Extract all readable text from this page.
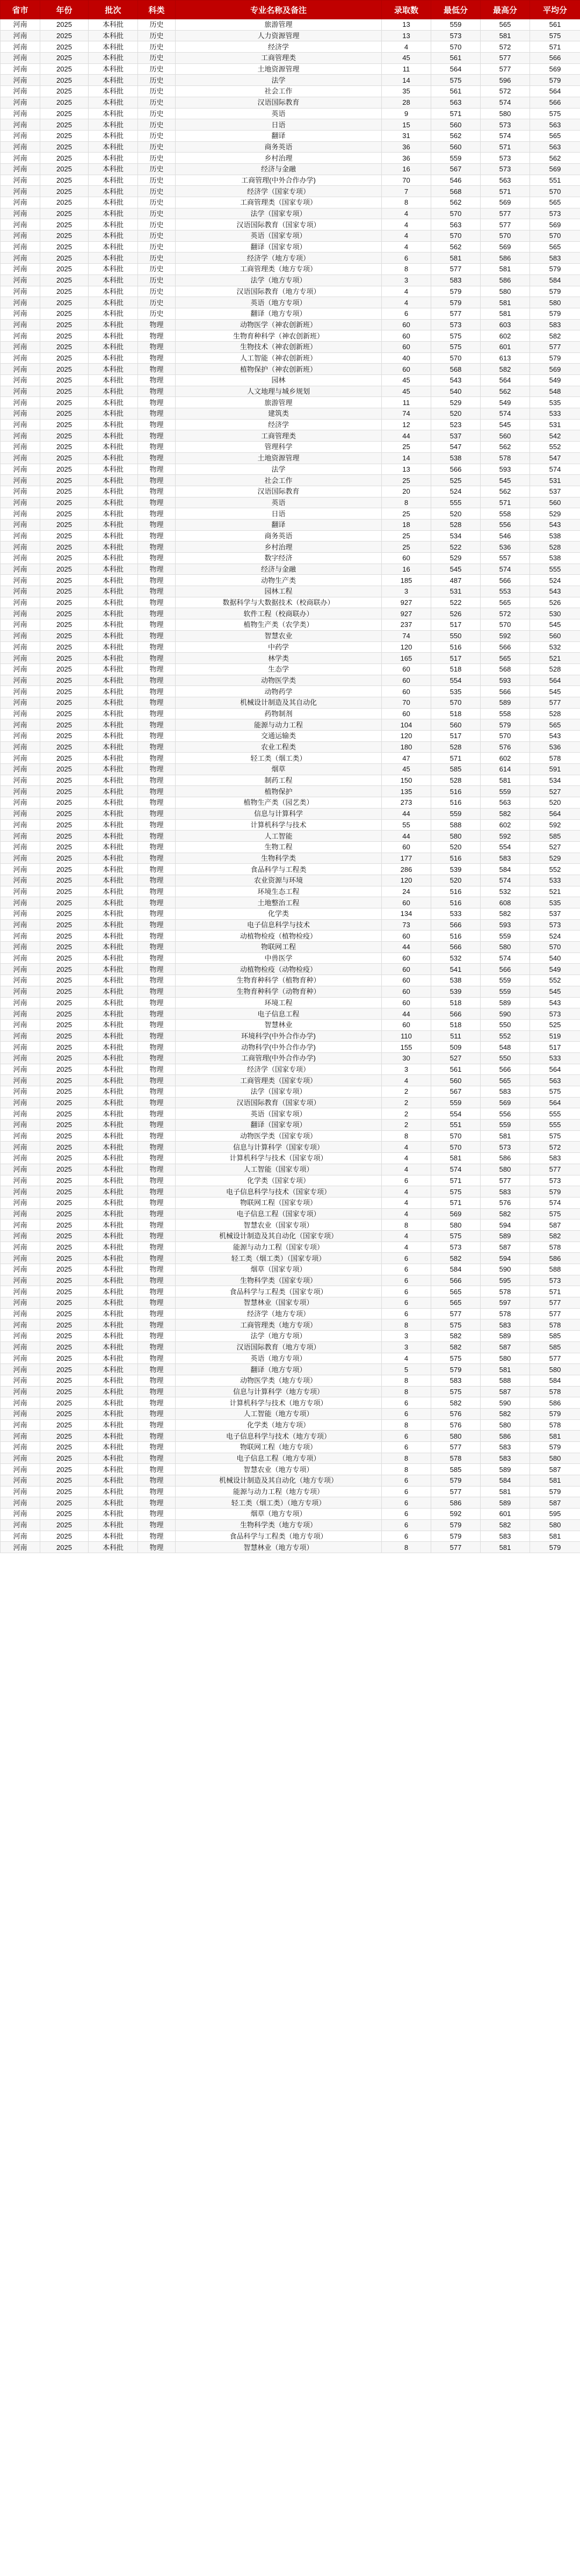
省市	年份	批次	科类	专业名称及备注	录取数	最低分	最高分	平均分
河南	2025	本科批	历史	旅游管理	13	559	565	561
河南	2025	本科批	历史	人力资源管理	13	573	581	575
河南	2025	本科批	历史	经济学	4	570	572	571
河南	2025	本科批	历史	工商管理类	45	561	577	566
河南	2025	本科批	历史	土地资源管理	11	564	577	569
河南	2025	本科批	历史	法学	14	575	596	579
河南	2025	本科批	历史	社会工作	35	561	572	564
河南	2025	本科批	历史	汉语国际教育	28	563	574	566
河南	2025	本科批	历史	英语	9	571	580	575
河南	2025	本科批	历史	日语	15	560	573	563
河南	2025	本科批	历史	翻译	31	562	574	565
河南	2025	本科批	历史	商务英语	36	560	571	563
河南	2025	本科批	历史	乡村治理	36	559	573	562
河南	2025	本科批	历史	经济与金融	16	567	573	569
河南	2025	本科批	历史	工商管理(中外合作办学)	70	546	563	551
河南	2025	本科批	历史	经济学（国家专项）	7	568	571	570
河南	2025	本科批	历史	工商管理类（国家专项）	8	562	569	565
河南	2025	本科批	历史	法学（国家专项）	4	570	577	573
河南	2025	本科批	历史	汉语国际教育（国家专项）	4	563	577	569
河南	2025	本科批	历史	英语（国家专项）	4	570	570	570
河南	2025	本科批	历史	翻译（国家专项）	4	562	569	565
河南	2025	本科批	历史	经济学（地方专项）	6	581	586	583
河南	2025	本科批	历史	工商管理类（地方专项）	8	577	581	579
河南	2025	本科批	历史	法学（地方专项）	3	583	586	584
河南	2025	本科批	历史	汉语国际教育（地方专项）	4	579	580	579
河南	2025	本科批	历史	英语（地方专项）	4	579	581	580
河南	2025	本科批	历史	翻译（地方专项）	6	577	581	579
河南	2025	本科批	物理	动物医学（神农创新班）	60	573	603	583
河南	2025	本科批	物理	生物育种科学（神农创新班）	60	575	602	582
河南	2025	本科批	物理	生物技术（神农创新班）	60	575	601	577
河南	2025	本科批	物理	人工智能（神农创新班）	40	570	613	579
河南	2025	本科批	物理	植物保护（神农创新班）	60	568	582	569
河南	2025	本科批	物理	园林	45	543	564	549
河南	2025	本科批	物理	人文地理与城乡规划	45	540	562	548
河南	2025	本科批	物理	旅游管理	11	529	549	535
河南	2025	本科批	物理	建筑类	74	520	574	533
河南	2025	本科批	物理	经济学	12	523	545	531
河南	2025	本科批	物理	工商管理类	44	537	560	542
河南	2025	本科批	物理	管理科学	25	547	562	552
河南	2025	本科批	物理	土地资源管理	14	538	578	547
河南	2025	本科批	物理	法学	13	566	593	574
河南	2025	本科批	物理	社会工作	25	525	545	531
河南	2025	本科批	物理	汉语国际教育	20	524	562	537
河南	2025	本科批	物理	英语	8	555	571	560
河南	2025	本科批	物理	日语	25	520	558	529
河南	2025	本科批	物理	翻译	18	528	556	543
河南	2025	本科批	物理	商务英语	25	534	546	538
河南	2025	本科批	物理	乡村治理	25	522	536	528
河南	2025	本科批	物理	数字经济	60	529	557	538
河南	2025	本科批	物理	经济与金融	16	545	574	555
河南	2025	本科批	物理	动物生产类	185	487	566	524
河南	2025	本科批	物理	园林工程	3	531	553	543
河南	2025	本科批	物理	数据科学与大数据技术（校商联办）	927	522	565	526
河南	2025	本科批	物理	软件工程（校商联办）	927	526	572	530
河南	2025	本科批	物理	植物生产类（农学类）	237	517	570	545
河南	2025	本科批	物理	智慧农业	74	550	592	560
河南	2025	本科批	物理	中药学	120	516	566	532
河南	2025	本科批	物理	林学类	165	517	565	521
河南	2025	本科批	物理	生态学	60	518	568	528
河南	2025	本科批	物理	动物医学类	60	554	593	564
河南	2025	本科批	物理	动物药学	60	535	566	545
河南	2025	本科批	物理	机械设计制造及其自动化	70	570	589	577
河南	2025	本科批	物理	药物制剂	60	518	558	528
河南	2025	本科批	物理	能源与动力工程	104	560	579	565
河南	2025	本科批	物理	交通运输类	120	517	570	543
河南	2025	本科批	物理	农业工程类	180	528	576	536
河南	2025	本科批	物理	轻工类（烟工类）	47	571	602	578
河南	2025	本科批	物理	烟草	45	585	614	591
河南	2025	本科批	物理	制药工程	150	528	581	534
河南	2025	本科批	物理	植物保护	135	516	559	527
河南	2025	本科批	物理	植物生产类（园艺类）	273	516	563	520
河南	2025	本科批	物理	信息与计算科学	44	559	582	564
河南	2025	本科批	物理	计算机科学与技术	55	588	602	592
河南	2025	本科批	物理	人工智能	44	580	592	585
河南	2025	本科批	物理	生物工程	60	520	554	527
河南	2025	本科批	物理	生物科学类	177	516	583	529
河南	2025	本科批	物理	食品科学与工程类	286	539	584	552
河南	2025	本科批	物理	农业资源与环境	120	520	574	533
河南	2025	本科批	物理	环境生态工程	24	516	532	521
河南	2025	本科批	物理	土地整治工程	60	516	608	535
河南	2025	本科批	物理	化学类	134	533	582	537
河南	2025	本科批	物理	电子信息科学与技术	73	566	593	573
河南	2025	本科批	物理	动植物检疫（植物检疫）	60	516	559	524
河南	2025	本科批	物理	物联网工程	44	566	580	570
河南	2025	本科批	物理	中兽医学	60	532	574	540
河南	2025	本科批	物理	动植物检疫（动物检疫）	60	541	566	549
河南	2025	本科批	物理	生物育种科学（植物育种）	60	538	559	552
河南	2025	本科批	物理	生物育种科学（动物育种）	60	539	559	545
河南	2025	本科批	物理	环境工程	60	518	589	543
河南	2025	本科批	物理	电子信息工程	44	566	590	573
河南	2025	本科批	物理	智慧林业	60	518	550	525
河南	2025	本科批	物理	环境科学(中外合作办学)	110	511	552	519
河南	2025	本科批	物理	动物科学(中外合作办学)	155	509	548	517
河南	2025	本科批	物理	工商管理(中外合作办学)	30	527	550	533
河南	2025	本科批	物理	经济学（国家专项）	3	561	566	564
河南	2025	本科批	物理	工商管理类（国家专项）	4	560	565	563
河南	2025	本科批	物理	法学（国家专项）	2	567	583	575
河南	2025	本科批	物理	汉语国际教育（国家专项）	2	559	569	564
河南	2025	本科批	物理	英语（国家专项）	2	554	556	555
河南	2025	本科批	物理	翻译（国家专项）	2	551	559	555
河南	2025	本科批	物理	动物医学类（国家专项）	8	570	581	575
河南	2025	本科批	物理	信息与计算科学（国家专项）	4	570	573	572
河南	2025	本科批	物理	计算机科学与技术（国家专项）	4	581	586	583
河南	2025	本科批	物理	人工智能（国家专项）	4	574	580	577
河南	2025	本科批	物理	化学类（国家专项）	6	571	577	573
河南	2025	本科批	物理	电子信息科学与技术（国家专项）	4	575	583	579
河南	2025	本科批	物理	物联网工程（国家专项）	4	571	576	574
河南	2025	本科批	物理	电子信息工程（国家专项）	4	569	582	575
河南	2025	本科批	物理	智慧农业（国家专项）	8	580	594	587
河南	2025	本科批	物理	机械设计制造及其自动化（国家专项）	4	575	589	582
河南	2025	本科批	物理	能源与动力工程（国家专项）	4	573	587	578
河南	2025	本科批	物理	轻工类（烟工类）（国家专项）	6	582	594	586
河南	2025	本科批	物理	烟草（国家专项）	6	584	590	588
河南	2025	本科批	物理	生物科学类（国家专项）	6	566	595	573
河南	2025	本科批	物理	食品科学与工程类（国家专项）	6	565	578	571
河南	2025	本科批	物理	智慧林业（国家专项）	6	565	597	577
河南	2025	本科批	物理	经济学（地方专项）	6	577	578	577
河南	2025	本科批	物理	工商管理类（地方专项）	8	575	583	578
河南	2025	本科批	物理	法学（地方专项）	3	582	589	585
河南	2025	本科批	物理	汉语国际教育（地方专项）	3	582	587	585
河南	2025	本科批	物理	英语（地方专项）	4	575	580	577
河南	2025	本科批	物理	翻译（地方专项）	5	579	581	580
河南	2025	本科批	物理	动物医学类（地方专项）	8	583	588	584
河南	2025	本科批	物理	信息与计算科学（地方专项）	8	575	587	578
河南	2025	本科批	物理	计算机科学与技术（地方专项）	6	582	590	586
河南	2025	本科批	物理	人工智能（地方专项）	6	576	582	579
河南	2025	本科批	物理	化学类（地方专项）	8	576	580	578
河南	2025	本科批	物理	电子信息科学与技术（地方专项）	6	580	586	581
河南	2025	本科批	物理	物联网工程（地方专项）	6	577	583	579
河南	2025	本科批	物理	电子信息工程（地方专项）	8	578	583	580
河南	2025	本科批	物理	智慧农业（地方专项）	8	585	589	587
河南	2025	本科批	物理	机械设计制造及其自动化（地方专项）	6	579	584	581
河南	2025	本科批	物理	能源与动力工程（地方专项）	6	577	581	579
河南	2025	本科批	物理	轻工类（烟工类）（地方专项）	6	586	589	587
河南	2025	本科批	物理	烟草（地方专项）	6	592	601	595
河南	2025	本科批	物理	生物科学类（地方专项）	6	579	582	580
河南	2025	本科批	物理	食品科学与工程类（地方专项）	6	579	583	581
河南	2025	本科批	物理	智慧林业（地方专项）	8	577	581	579
